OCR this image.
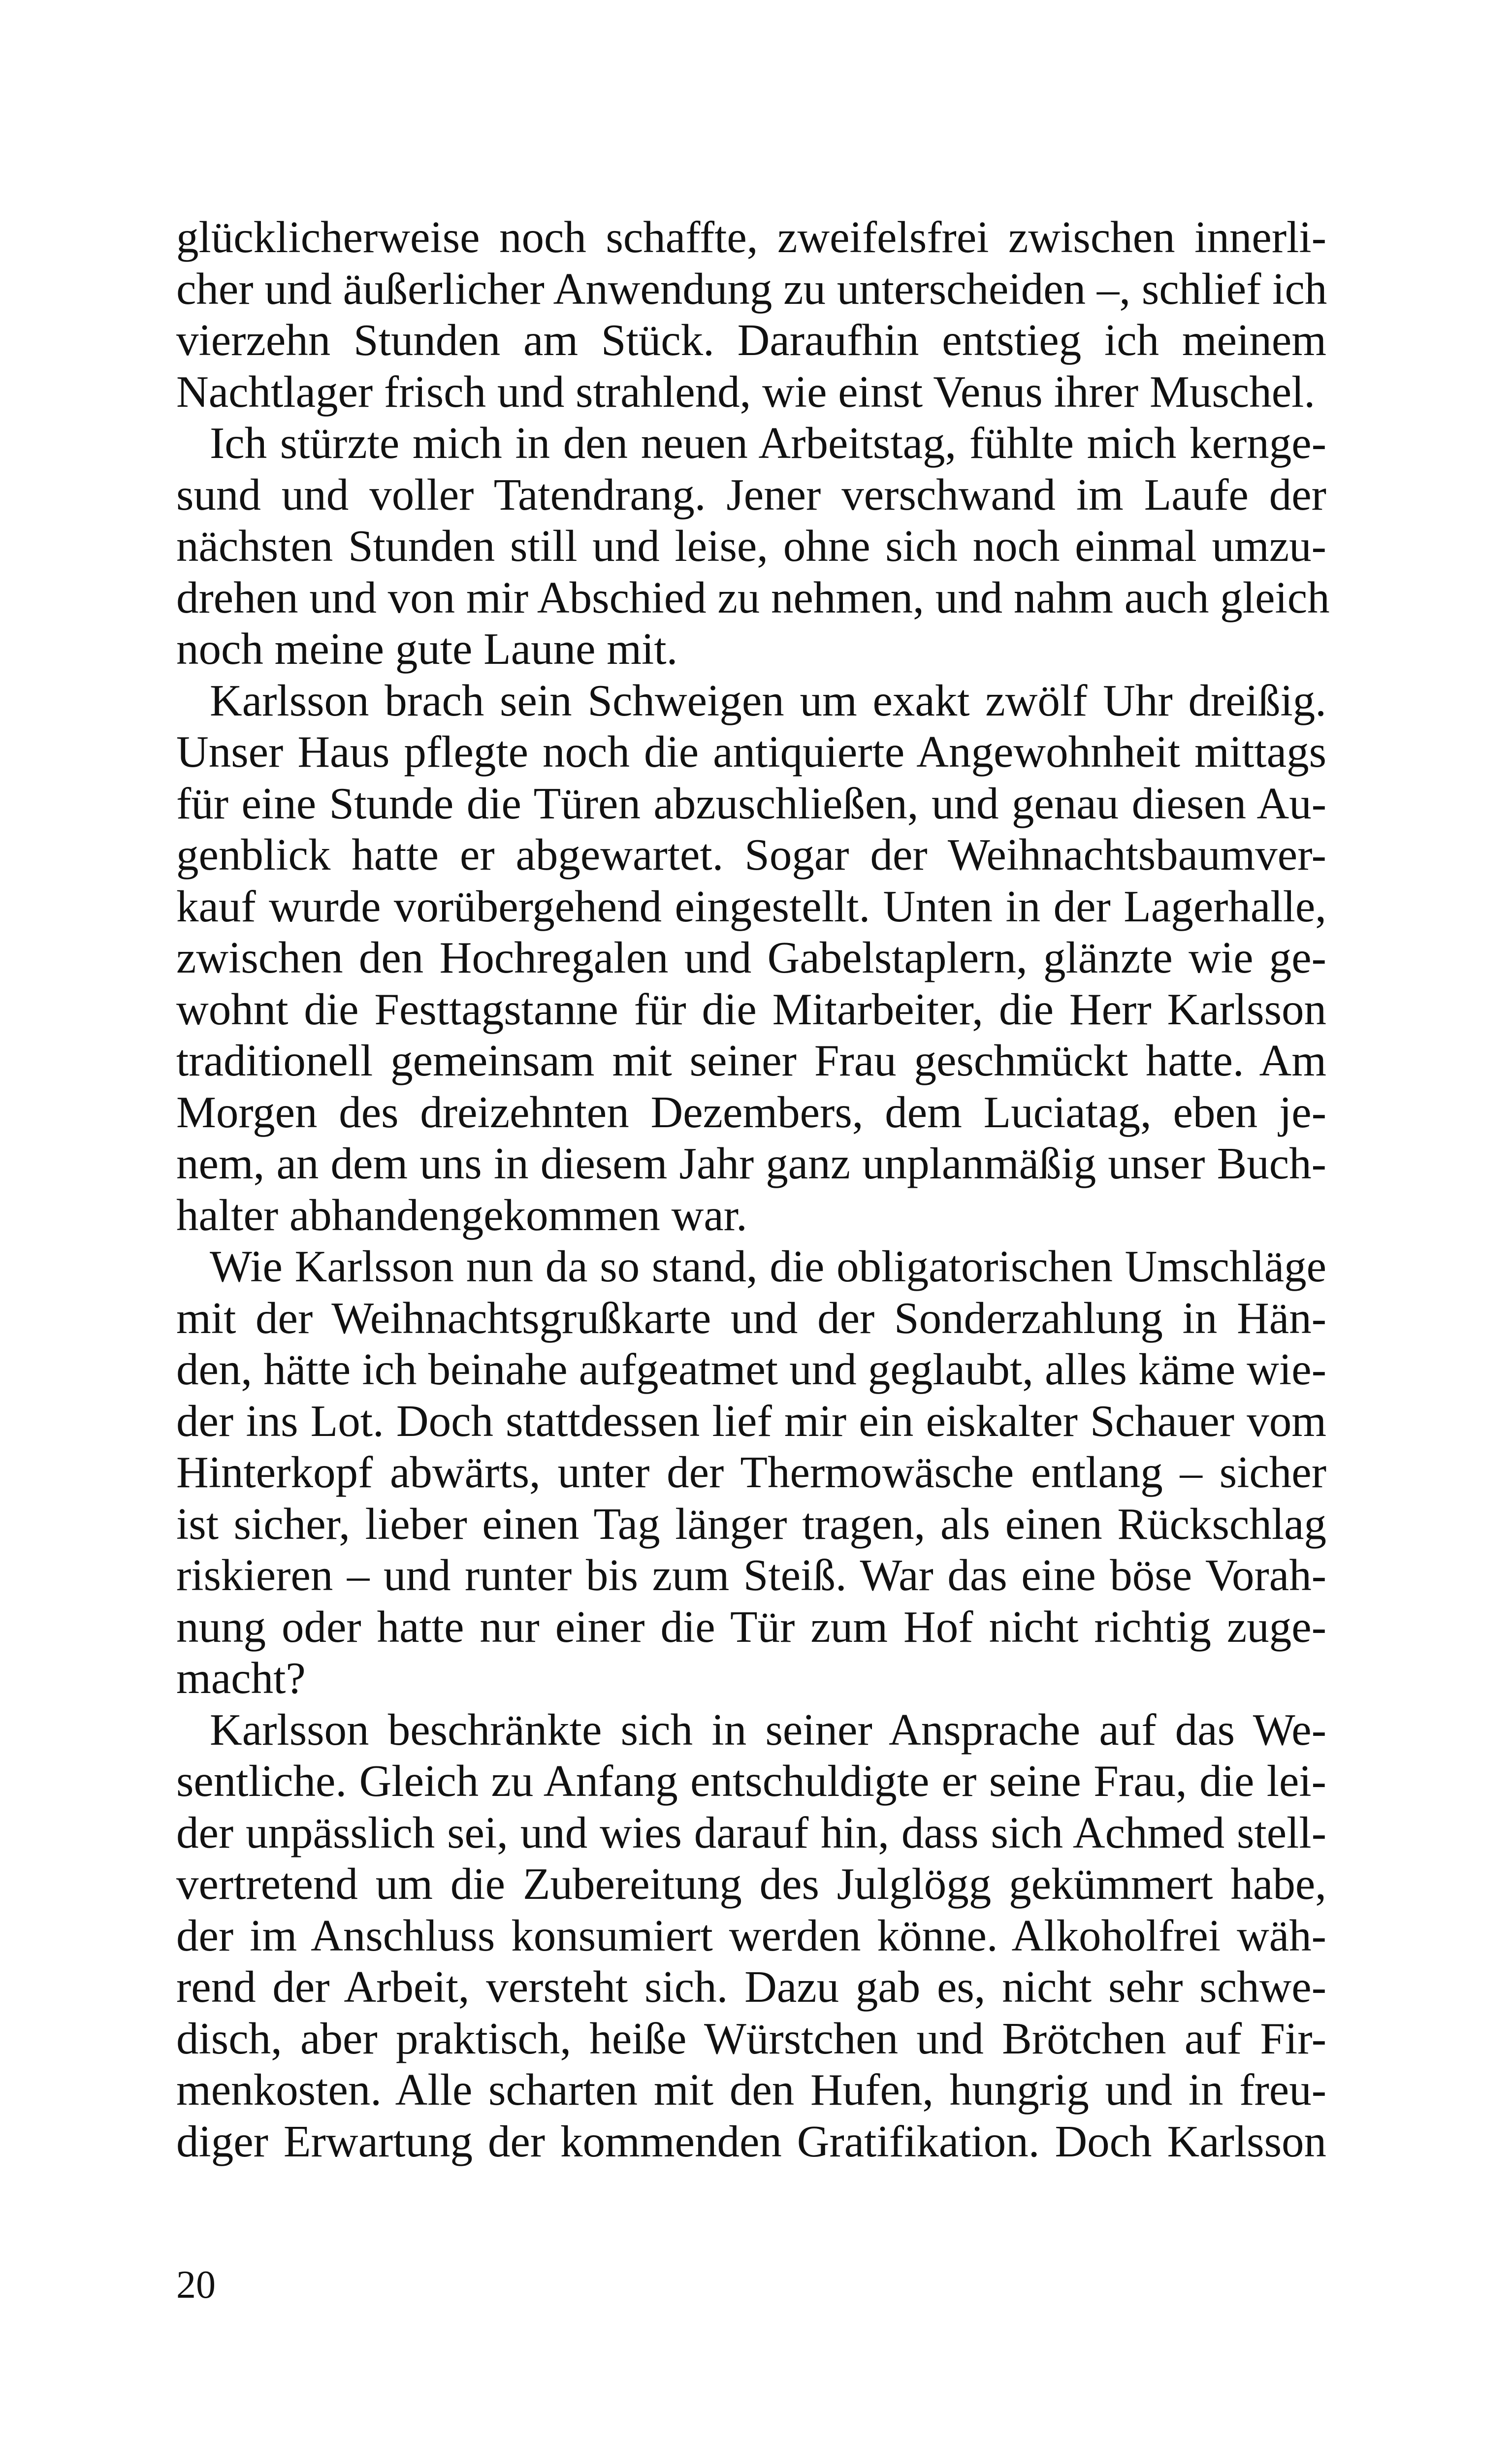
glücklicherweise noch schaffte, zweifelsfrei zwischen innerli-
cher und äußerlicher Anwendung zu unterscheiden –, schlief ich
vierzehn Stunden am Stück. Daraufhin entstieg ich meinem
Nachtlager frisch und strahlend, wie einst Venus ihrer Muschel.
Ich stürzte mich in den neuen Arbeitstag, fühlte mich kernge-
sund und voller Tatendrang. Jener verschwand im Laufe der
nächsten Stunden still und leise, ohne sich noch einmal umzu-
drehen und von mir Abschied zu nehmen, und nahm auch gleich
noch meine gute Laune mit.
Karlsson brach sein Schweigen um exakt zwölf Uhr dreißig.
Unser Haus pflegte noch die antiquierte Angewohnheit mittags
für eine Stunde die Türen abzuschließen, und genau diesen Au-
genblick hatte er abgewartet. Sogar der Weihnachtsbaumver-
kauf wurde vorübergehend eingestellt. Unten in der Lagerhalle,
zwischen den Hochregalen und Gabelstaplern, glänzte wie ge-
wohnt die Festtagstanne für die Mitarbeiter, die Herr Karlsson
traditionell gemeinsam mit seiner Frau geschmückt hatte. Am
Morgen des dreizehnten Dezembers, dem Luciatag, eben je-
nem, an dem uns in diesem Jahr ganz unplanmäßig unser Buch-
halter abhandengekommen war.
Wie Karlsson nun da so stand, die obligatorischen Umschläge
mit der Weihnachtsgrußkarte und der Sonderzahlung in Hän-
den, hätte ich beinahe aufgeatmet und geglaubt, alles käme wie-
der ins Lot. Doch stattdessen lief mir ein eiskalter Schauer vom
Hinterkopf abwärts, unter der Thermowäsche entlang – sicher
ist sicher, lieber einen Tag länger tragen, als einen Rückschlag
riskieren – und runter bis zum Steiß. War das eine böse Vorah-
nung oder hatte nur einer die Tür zum Hof nicht richtig zuge-
macht?
Karlsson beschränkte sich in seiner Ansprache auf das We-
sentliche. Gleich zu Anfang entschuldigte er seine Frau, die lei-
der unpässlich sei, und wies darauf hin, dass sich Achmed stell-
vertretend um die Zubereitung des Julglögg gekümmert habe,
der im Anschluss konsumiert werden könne. Alkoholfrei wäh-
rend der Arbeit, versteht sich. Dazu gab es, nicht sehr schwe-
disch, aber praktisch, heiße Würstchen und Brötchen auf Fir-
menkosten. Alle scharten mit den Hufen, hungrig und in freu-
diger Erwartung der kommenden Gratifikation. Doch Karlsson
20
